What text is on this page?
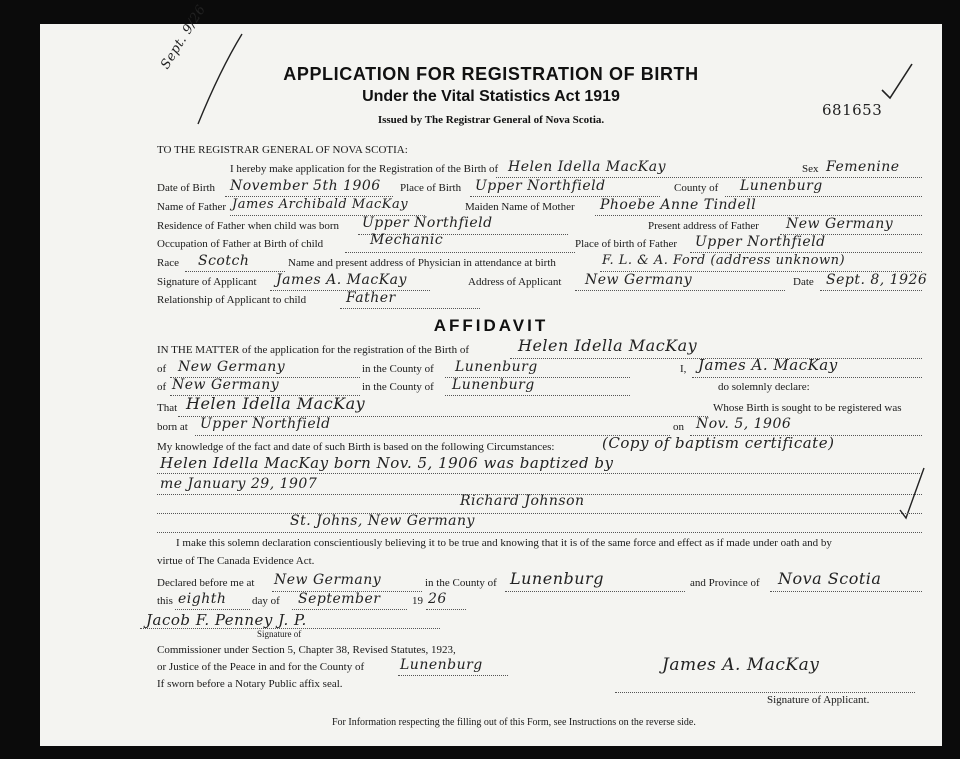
APPLICATION FOR REGISTRATION OF BIRTH
Under the Vital Statistics Act 1919
Issued by The Registrar General of Nova Scotia.
Sept. 9/26
681653
TO THE REGISTRAR GENERAL OF NOVA SCOTIA:
I hereby make application for the Registration of the Birth of Helen Idella MacKay	Sex Femenine
Date of Birth November 5th 1906 Place of Birth Upper Northfield	County of Lunenburg
Name of Father James Archibald MacKay	Maiden Name of Mother Phoebe Anne Tindell
Residence of Father when child was born Upper Northfield	Present address of Father New Germany
Occupation of Father at Birth of child	Mechanic	Place of birth of Father Upper Northfield
Race Scotch	Name and present address of Physician in attendance at birth	F. L. & A. Ford (address unknown)
Signature of Applicant James A. MacKay	Address of Applicant New Germany	Date Sept. 8, 1926
Relationship of Applicant to child	Father
AFFIDAVIT
IN THE MATTER of the application for the registration of the Birth of	Helen Idella MacKay
of New Germany	in the County of Lunenburg	I, James A. MacKay
of New Germany	in the County of Lunenburg	do solemnly declare:
That Helen Idella MacKay	Whose Birth is sought to be registered was
born at Upper Northfield	on Nov. 5, 1906
My knowledge of the fact and date of such Birth is based on the following Circumstances:	(Copy of baptism certificate)
Helen Idella MacKay born Nov. 5, 1906 was baptized by
me January 29, 1907
Richard Johnson
St. Johns, New Germany
I make this solemn declaration conscientiously believing it to be true and knowing that it is of the same force and effect as if made under oath and by
virtue of The Canada Evidence Act.
Declared before me at New Germany	in the County of Lunenburg	and Province of Nova Scotia
this eighth day of September	19 26
Jacob F. Penney J. P.
Signature of
Commissioner under Section 5, Chapter 38, Revised Statutes, 1923,
or Justice of the Peace in and for the County of	Lunenburg
If sworn before a Notary Public affix seal.
James A. MacKay
Signature of Applicant.
For Information respecting the filling out of this Form, see Instructions on the reverse side.
